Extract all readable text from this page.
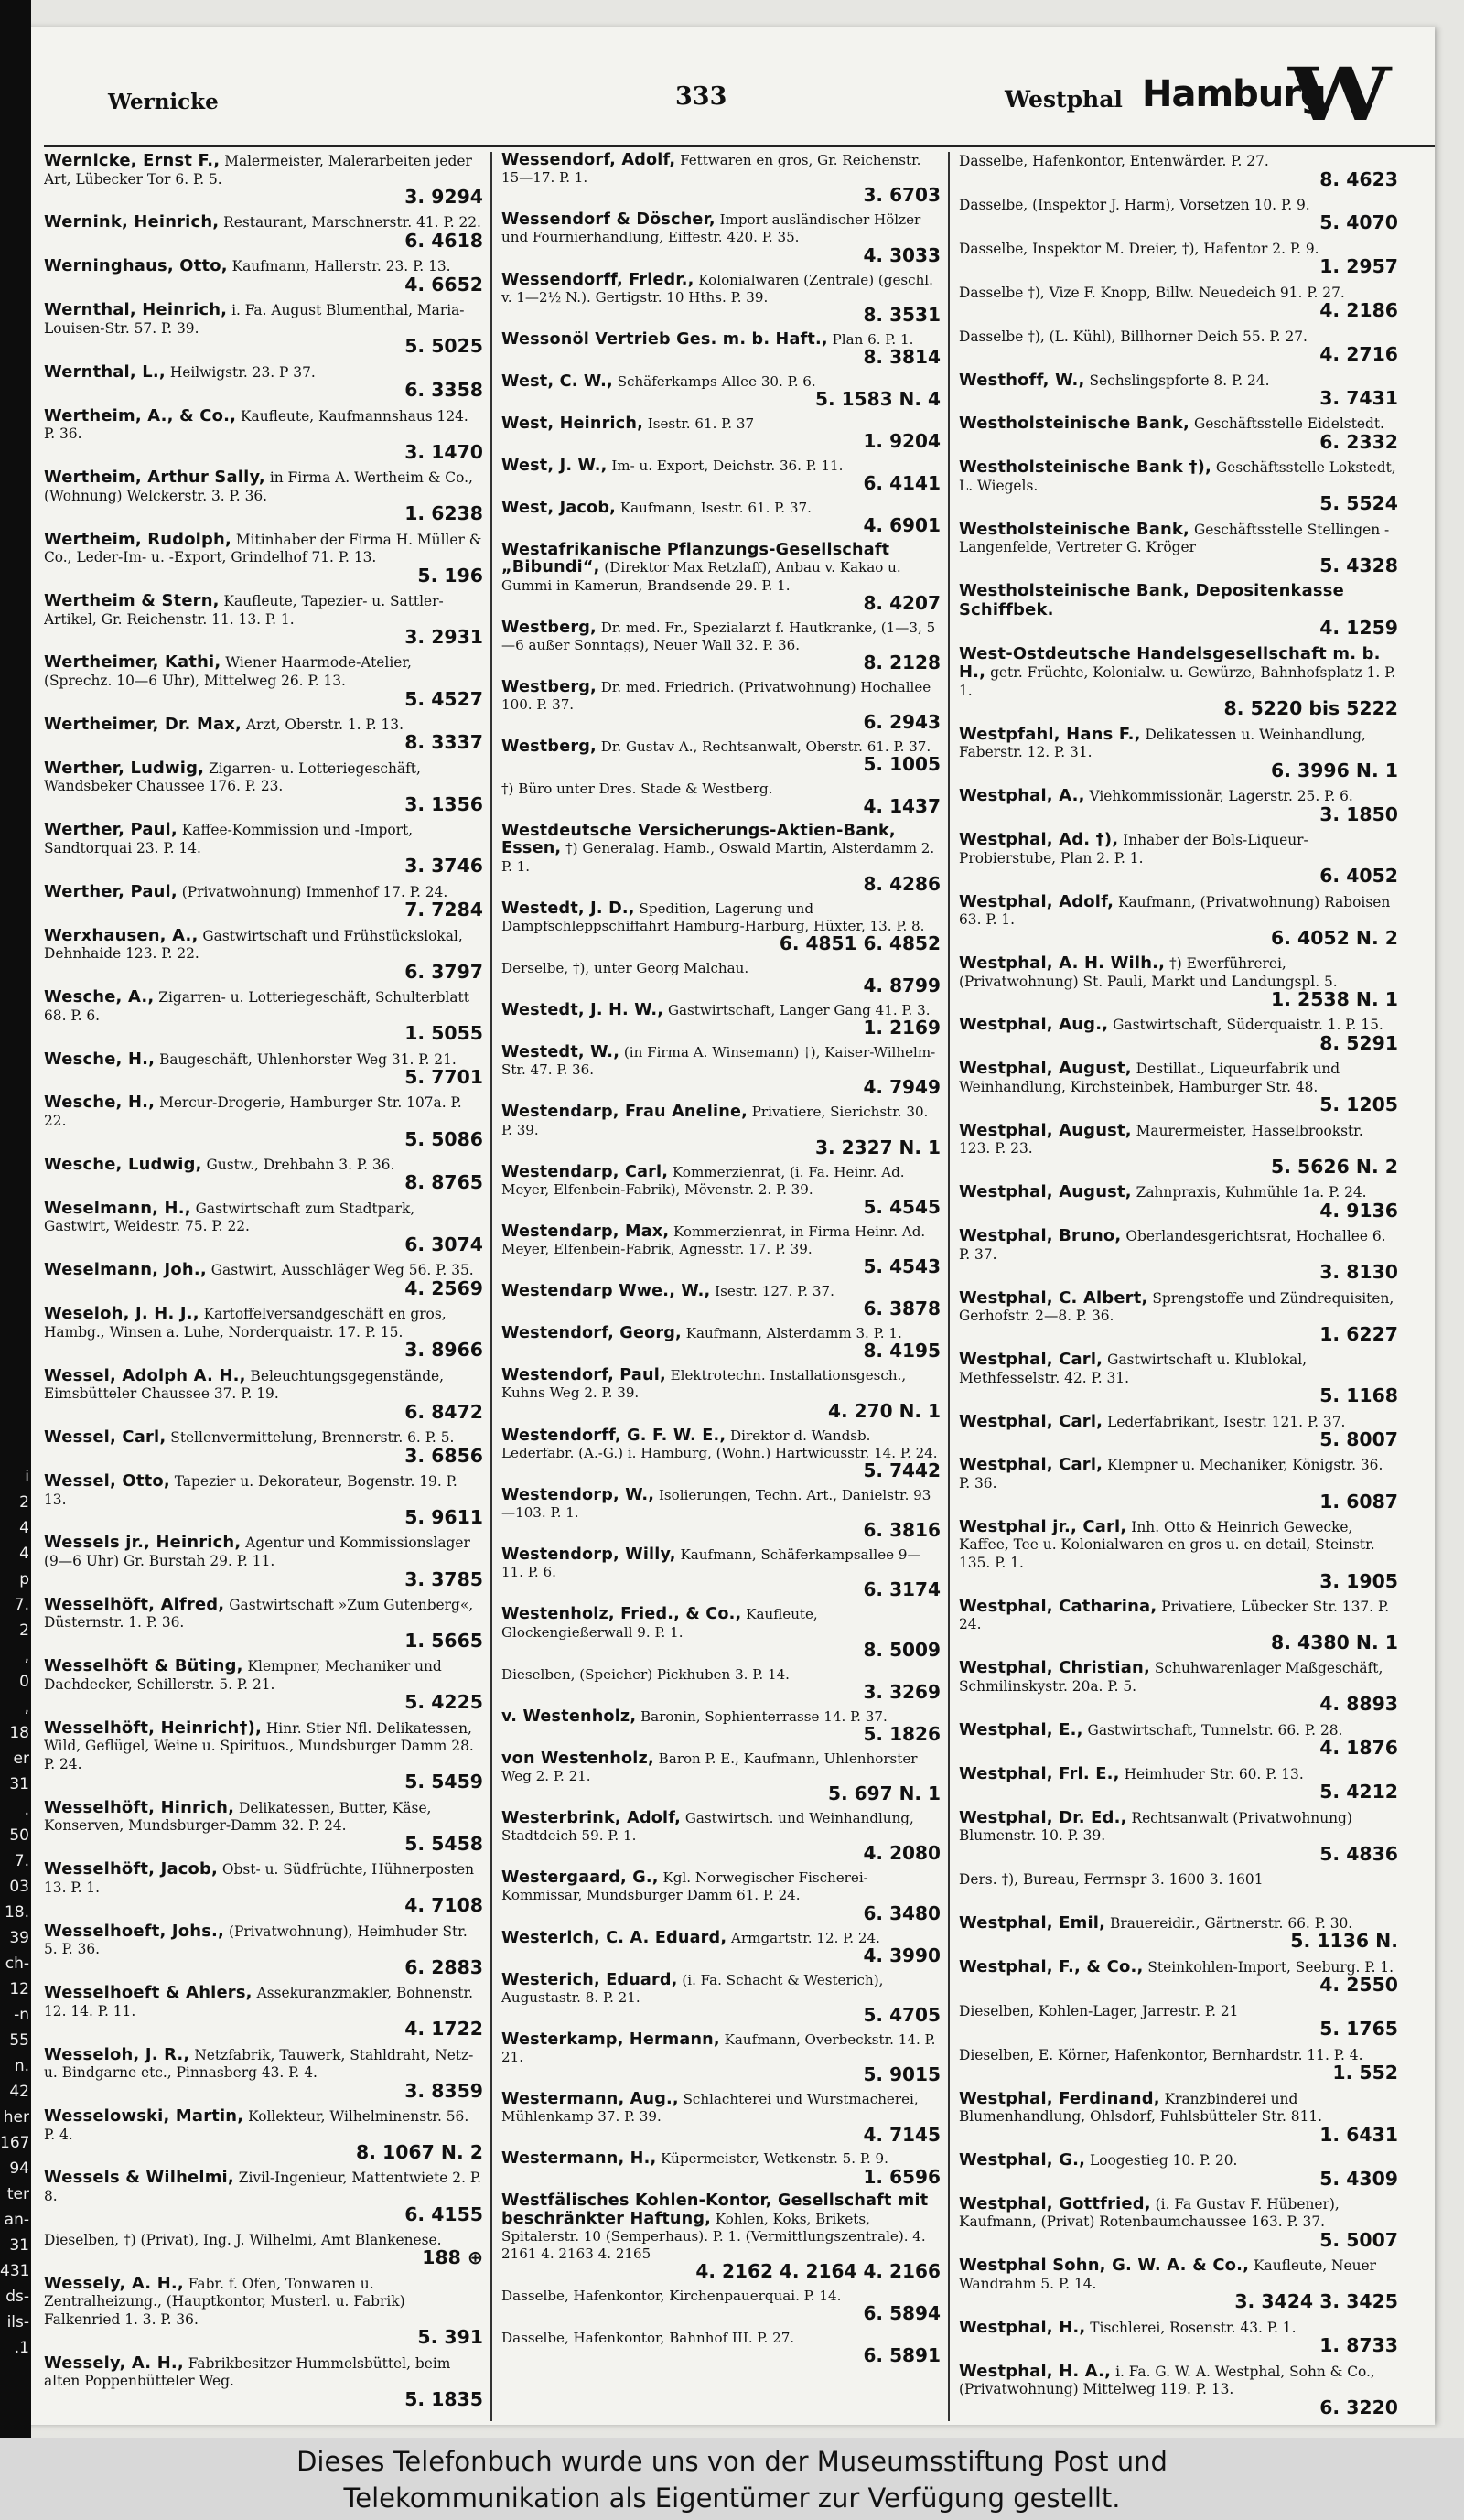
Wernicke	333	Westphal Hamburg
W
Wernicke, Ernst F., Malermeister, Malerarbeiten jeder Art, Lübecker Tor 6. P. 5.
3. 9294
Wernink, Heinrich, Restaurant, Marschnerstr. 41. P. 22.
6. 4618
Werninghaus, Otto, Kaufmann, Hallerstr. 23. P. 13.
4. 6652
Wernthal, Heinrich, i. Fa. August Blumenthal, Maria-Louisen-Str. 57. P. 39.
5. 5025
Wernthal, L., Heilwigstr. 23. P 37.
6. 3358
Wertheim, A., & Co., Kaufleute, Kaufmannshaus 124. P. 36.
3. 1470
Wertheim, Arthur Sally, in Firma A. Wertheim & Co., (Wohnung) Welckerstr. 3. P. 36.
1. 6238
Wertheim, Rudolph, Mitinhaber der Firma H. Müller & Co., Leder-Im- u. -Export, Grindelhof 71. P. 13.
5. 196
Wertheim & Stern, Kaufleute, Tapezier- u. Sattler-Artikel, Gr. Reichenstr. 11. 13. P. 1.
3. 2931
Wertheimer, Kathi, Wiener Haarmode-Atelier, (Sprechz. 10—6 Uhr), Mittelweg 26. P. 13.
5. 4527
Wertheimer, Dr. Max, Arzt, Oberstr. 1. P. 13.
8. 3337
Werther, Ludwig, Zigarren- u. Lotteriegeschäft, Wandsbeker Chaussee 176. P. 23.
3. 1356
Werther, Paul, Kaffee-Kommission und -Import, Sandtorquai 23. P. 14.
3. 3746
Werther, Paul, (Privatwohnung) Immenhof 17. P. 24.
7. 7284
Werxhausen, A., Gastwirtschaft und Frühstückslokal, Dehnhaide 123. P. 22.
6. 3797
Wesche, A., Zigarren- u. Lotteriegeschäft, Schulterblatt 68. P. 6.
1. 5055
Wesche, H., Baugeschäft, Uhlenhorster Weg 31. P. 21.
5. 7701
Wesche, H., Mercur-Drogerie, Hamburger Str. 107a. P. 22.
5. 5086
Wesche, Ludwig, Gustw., Drehbahn 3. P. 36.
8. 8765
Weselmann, H., Gastwirtschaft zum Stadtpark, Gastwirt, Weidestr. 75. P. 22.
6. 3074
Weselmann, Joh., Gastwirt, Ausschläger Weg 56. P. 35.
4. 2569
Weseloh, J. H. J., Kartoffelversandgeschäft en gros, Hambg., Winsen a. Luhe, Norderquaistr. 17. P. 15.
3. 8966
Wessel, Adolph A. H., Beleuchtungsgegenstände, Eimsbütteler Chaussee 37. P. 19.
6. 8472
Wessel, Carl, Stellenvermittelung, Brennerstr. 6. P. 5.
3. 6856
Wessel, Otto, Tapezier u. Dekorateur, Bogenstr. 19. P. 13.
5. 9611
Wessels jr., Heinrich, Agentur und Kommissionslager (9—6 Uhr) Gr. Burstah 29. P. 11.
3. 3785
Wesselhöft, Alfred, Gastwirtschaft »Zum Gutenberg«, Düsternstr. 1. P. 36.
1. 5665
Wesselhöft & Büting, Klempner, Mechaniker und Dachdecker, Schillerstr. 5. P. 21.
5. 4225
Wesselhöft, Heinrich†), Hinr. Stier Nfl. Delikatessen, Wild, Geflügel, Weine u. Spirituos., Mundsburger Damm 28. P. 24.
5. 5459
Wesselhöft, Hinrich, Delikatessen, Butter, Käse, Konserven, Mundsburger-Damm 32. P. 24.
5. 5458
Wesselhöft, Jacob, Obst- u. Südfrüchte, Hühnerposten 13. P. 1.
4. 7108
Wesselhoeft, Johs., (Privatwohnung), Heimhuder Str. 5. P. 36.
6. 2883
Wesselhoeft & Ahlers, Assekuranzmakler, Bohnenstr. 12. 14. P. 11.
4. 1722
Wesseloh, J. R., Netzfabrik, Tauwerk, Stahldraht, Netz- u. Bindgarne etc., Pinnasberg 43. P. 4.
3. 8359
Wesselowski, Martin, Kollekteur, Wilhelminenstr. 56. P. 4.
8. 1067 N. 2
Wessels & Wilhelmi, Zivil-Ingenieur, Mattentwiete 2. P. 8.
6. 4155
Dieselben, †) (Privat), Ing. J. Wilhelmi, Amt Blankenese.
188 ⊕
Wessely, A. H., Fabr. f. Ofen, Tonwaren u. Zentralheizung., (Hauptkontor, Musterl. u. Fabrik) Falkenried 1. 3. P. 36.
5. 391
Wessely, A. H., Fabrikbesitzer Hummelsbüttel, beim alten Poppenbütteler Weg.
5. 1835
Wessendorf, Adolf, Fettwaren en gros, Gr. Reichenstr. 15—17. P. 1.
3. 6703
Wessendorf & Döscher, Import ausländischer Hölzer und Fournierhandlung, Eiffestr. 420. P. 35.
4. 3033
Wessendorff, Friedr., Kolonialwaren (Zentrale) (geschl. v. 1—2½ N.). Gertigstr. 10 Hths. P. 39.
8. 3531
Wessonöl Vertrieb Ges. m. b. Haft., Plan 6. P. 1.
8. 3814
West, C. W., Schäferkamps Allee 30. P. 6.
5. 1583 N. 4
West, Heinrich, Isestr. 61. P. 37
1. 9204
West, J. W., Im- u. Export, Deichstr. 36. P. 11.
6. 4141
West, Jacob, Kaufmann, Isestr. 61. P. 37.
4. 6901
Westafrikanische Pflanzungs-Gesellschaft „Bibundi“, (Direktor Max Retzlaff), Anbau v. Kakao u. Gummi in Kamerun, Brandsende 29. P. 1.
8. 4207
Westberg, Dr. med. Fr., Spezialarzt f. Hautkranke, (1—3, 5—6 außer Sonntags), Neuer Wall 32. P. 36.
8. 2128
Westberg, Dr. med. Friedrich. (Privatwohnung) Hochallee 100. P. 37.
6. 2943
Westberg, Dr. Gustav A., Rechtsanwalt, Oberstr. 61. P. 37.
5. 1005
†) Büro unter Dres. Stade & Westberg.
4. 1437
Westdeutsche Versicherungs-Aktien-Bank, Essen, †) Generalag. Hamb., Oswald Martin, Alsterdamm 2. P. 1.
8. 4286
Westedt, J. D., Spedition, Lagerung und Dampfschleppschiffahrt Hamburg-Harburg, Hüxter, 13. P. 8.
6. 4851 6. 4852
Derselbe, †), unter Georg Malchau.
4. 8799
Westedt, J. H. W., Gastwirtschaft, Langer Gang 41. P. 3.
1. 2169
Westedt, W., (in Firma A. Winsemann) †), Kaiser-Wilhelm-Str. 47. P. 36.
4. 7949
Westendarp, Frau Aneline, Privatiere, Sierichstr. 30. P. 39.
3. 2327 N. 1
Westendarp, Carl, Kommerzienrat, (i. Fa. Heinr. Ad. Meyer, Elfenbein-Fabrik), Mövenstr. 2. P. 39.
5. 4545
Westendarp, Max, Kommerzienrat, in Firma Heinr. Ad. Meyer, Elfenbein-Fabrik, Agnesstr. 17. P. 39.
5. 4543
Westendarp Wwe., W., Isestr. 127. P. 37.
6. 3878
Westendorf, Georg, Kaufmann, Alsterdamm 3. P. 1.
8. 4195
Westendorf, Paul, Elektrotechn. Installationsgesch., Kuhns Weg 2. P. 39.
4. 270 N. 1
Westendorff, G. F. W. E., Direktor d. Wandsb. Lederfabr. (A.-G.) i. Hamburg, (Wohn.) Hartwicusstr. 14. P. 24.
5. 7442
Westendorp, W., Isolierungen, Techn. Art., Danielstr. 93—103. P. 1.
6. 3816
Westendorp, Willy, Kaufmann, Schäferkampsallee 9—11. P. 6.
6. 3174
Westenholz, Fried., & Co., Kaufleute, Glockengießerwall 9. P. 1.
8. 5009
Dieselben, (Speicher) Pickhuben 3. P. 14.
3. 3269
v. Westenholz, Baronin, Sophienterrasse 14. P. 37.
5. 1826
von Westenholz, Baron P. E., Kaufmann, Uhlenhorster Weg 2. P. 21.
5. 697 N. 1
Westerbrink, Adolf, Gastwirtsch. und Weinhandlung, Stadtdeich 59. P. 1.
4. 2080
Westergaard, G., Kgl. Norwegischer Fischerei-Kommissar, Mundsburger Damm 61. P. 24.
6. 3480
Westerich, C. A. Eduard, Armgartstr. 12. P. 24.
4. 3990
Westerich, Eduard, (i. Fa. Schacht & Westerich), Augustastr. 8. P. 21.
5. 4705
Westerkamp, Hermann, Kaufmann, Overbeckstr. 14. P. 21.
5. 9015
Westermann, Aug., Schlachterei und Wurstmacherei, Mühlenkamp 37. P. 39.
4. 7145
Westermann, H., Küpermeister, Wetkenstr. 5. P. 9.
1. 6596
Westfälisches Kohlen-Kontor, Gesellschaft mit beschränkter Haftung, Kohlen, Koks, Brikets, Spitalerstr. 10 (Semperhaus). P. 1. (Vermittlungszentrale). 4. 2161 4. 2163 4. 2165
4. 2162 4. 2164 4. 2166
Dasselbe, Hafenkontor, Kirchenpauerquai. P. 14.
6. 5894
Dasselbe, Hafenkontor, Bahnhof III. P. 27.
6. 5891
Dasselbe, Hafenkontor, Entenwärder. P. 27.
8. 4623
Dasselbe, (Inspektor J. Harm), Vorsetzen 10. P. 9.
5. 4070
Dasselbe, Inspektor M. Dreier, †), Hafentor 2. P. 9.
1. 2957
Dasselbe †), Vize F. Knopp, Billw. Neuedeich 91. P. 27.
4. 2186
Dasselbe †), (L. Kühl), Billhorner Deich 55. P. 27.
4. 2716
Westhoff, W., Sechslingspforte 8. P. 24.
3. 7431
Westholsteinische Bank, Geschäftsstelle Eidelstedt.
6. 2332
Westholsteinische Bank †), Geschäftsstelle Lokstedt, L. Wiegels.
5. 5524
Westholsteinische Bank, Geschäftsstelle Stellingen - Langenfelde, Vertreter G. Kröger
5. 4328
Westholsteinische Bank, Depositenkasse Schiffbek.
4. 1259
West-Ostdeutsche Handelsgesellschaft m. b. H., getr. Früchte, Kolonialw. u. Gewürze, Bahnhofsplatz 1. P. 1.
8. 5220 bis 5222
Westpfahl, Hans F., Delikatessen u. Weinhandlung, Faberstr. 12. P. 31.
6. 3996 N. 1
Westphal, A., Viehkommissionär, Lagerstr. 25. P. 6.
3. 1850
Westphal, Ad. †), Inhaber der Bols-Liqueur-Probierstube, Plan 2. P. 1.
6. 4052
Westphal, Adolf, Kaufmann, (Privatwohnung) Raboisen 63. P. 1.
6. 4052 N. 2
Westphal, A. H. Wilh., †) Ewerführerei, (Privatwohnung) St. Pauli, Markt und Landungspl. 5.
1. 2538 N. 1
Westphal, Aug., Gastwirtschaft, Süderquaistr. 1. P. 15.
8. 5291
Westphal, August, Destillat., Liqueurfabrik und Weinhandlung, Kirchsteinbek, Hamburger Str. 48.
5. 1205
Westphal, August, Maurermeister, Hasselbrookstr. 123. P. 23.
5. 5626 N. 2
Westphal, August, Zahnpraxis, Kuhmühle 1a. P. 24.
4. 9136
Westphal, Bruno, Oberlandesgerichtsrat, Hochallee 6. P. 37.
3. 8130
Westphal, C. Albert, Sprengstoffe und Zündrequisiten, Gerhofstr. 2—8. P. 36.
1. 6227
Westphal, Carl, Gastwirtschaft u. Klublokal, Methfesselstr. 42. P. 31.
5. 1168
Westphal, Carl, Lederfabrikant, Isestr. 121. P. 37.
5. 8007
Westphal, Carl, Klempner u. Mechaniker, Königstr. 36. P. 36.
1. 6087
Westphal jr., Carl, Inh. Otto & Heinrich Gewecke, Kaffee, Tee u. Kolonialwaren en gros u. en detail, Steinstr. 135. P. 1.
3. 1905
Westphal, Catharina, Privatiere, Lübecker Str. 137. P. 24.
8. 4380 N. 1
Westphal, Christian, Schuhwarenlager Maßgeschäft, Schmilinskystr. 20a. P. 5.
4. 8893
Westphal, E., Gastwirtschaft, Tunnelstr. 66. P. 28.
4. 1876
Westphal, Frl. E., Heimhuder Str. 60. P. 13.
5. 4212
Westphal, Dr. Ed., Rechtsanwalt (Privatwohnung) Blumenstr. 10. P. 39.
5. 4836
Ders. †), Bureau, Ferrnspr 3. 1600 3. 1601
Westphal, Emil, Brauereidir., Gärtnerstr. 66. P. 30.
5. 1136 N.
Westphal, F., & Co., Steinkohlen-Import, Seeburg. P. 1.
4. 2550
Dieselben, Kohlen-Lager, Jarrestr. P. 21
5. 1765
Dieselben, E. Körner, Hafenkontor, Bernhardstr. 11. P. 4.
1. 552
Westphal, Ferdinand, Kranzbinderei und Blumenhandlung, Ohlsdorf, Fuhlsbütteler Str. 811.
1. 6431
Westphal, G., Loogestieg 10. P. 20.
5. 4309
Westphal, Gottfried, (i. Fa Gustav F. Hübener), Kaufmann, (Privat) Rotenbaumchaussee 163. P. 37.
5. 5007
Westphal Sohn, G. W. A. & Co., Kaufleute, Neuer Wandrahm 5. P. 14.
3. 3424 3. 3425
Westphal, H., Tischlerei, Rosenstr. 43. P. 1.
1. 8733
Westphal, H. A., i. Fa. G. W. A. Westphal, Sohn & Co., (Privatwohnung) Mittelweg 119. P. 13.
6. 3220
i
2
4
4
p
7.
2
,
0
,
18
er
31
.
50
7.
03
18.
39
ch-
12
-n
55
n.
42
her
167
94
ter
an-
31
431
ds-
ils-
.1
Dieses Telefonbuch wurde uns von der Museumsstiftung Post und
Telekommunikation als Eigentümer zur Verfügung gestellt.
